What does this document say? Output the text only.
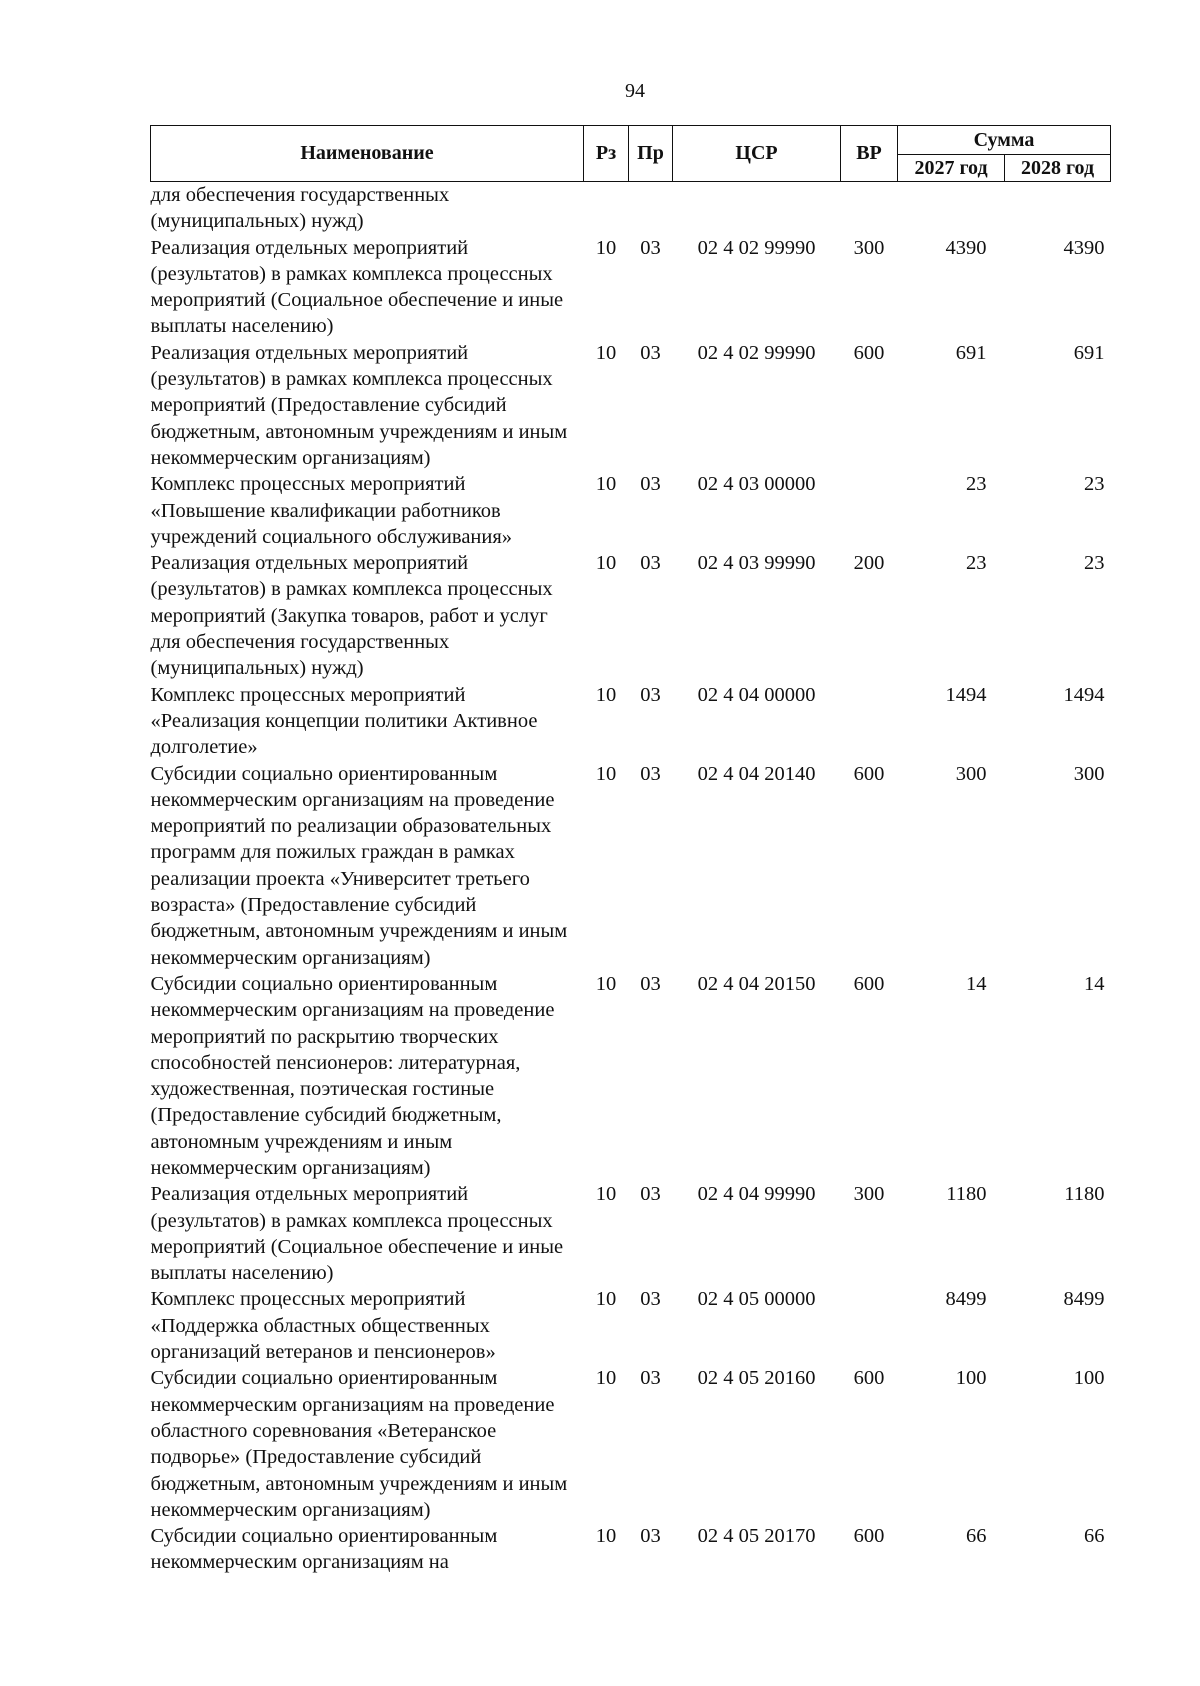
94
Наименование	Рз	Пр	ЦСР	ВР	Сумма	
					2027 год	2028 год
для обеспечения государственных (муниципальных) нужд)						
Реализация отдельных мероприятий (результатов) в рамках комплекса процессных мероприятий (Социальное обеспечение и иные выплаты населению)	10	03	02 4 02 99990	300	4390	4390
Реализация отдельных мероприятий (результатов) в рамках комплекса процессных мероприятий (Предоставление субсидий бюджетным, автономным учреждениям и иным некоммерческим организациям)	10	03	02 4 02 99990	600	691	691
Комплекс процессных мероприятий «Повышение квалификации работников учреждений социального обслуживания»	10	03	02 4 03 00000		23	23
Реализация отдельных мероприятий (результатов) в рамках комплекса процессных мероприятий (Закупка товаров, работ и услуг для обеспечения государственных (муниципальных) нужд)	10	03	02 4 03 99990	200	23	23
Комплекс процессных мероприятий «Реализация концепции политики Активное долголетие»	10	03	02 4 04 00000		1494	1494
Субсидии социально ориентированным некоммерческим организациям на проведение мероприятий по реализации образовательных программ для пожилых граждан в рамках реализации проекта «Университет третьего возраста» (Предоставление субсидий бюджетным, автономным учреждениям и иным некоммерческим организациям)	10	03	02 4 04 20140	600	300	300
Субсидии социально ориентированным некоммерческим организациям на проведение мероприятий по раскрытию творческих способностей пенсионеров: литературная, художественная, поэтическая гостиные (Предоставление субсидий бюджетным, автономным учреждениям и иным некоммерческим организациям)	10	03	02 4 04 20150	600	14	14
Реализация отдельных мероприятий (результатов) в рамках комплекса процессных мероприятий (Социальное обеспечение и иные выплаты населению)	10	03	02 4 04 99990	300	1180	1180
Комплекс процессных мероприятий «Поддержка областных общественных организаций ветеранов и пенсионеров»	10	03	02 4 05 00000		8499	8499
Субсидии социально ориентированным некоммерческим организациям на проведение областного соревнования «Ветеранское подворье» (Предоставление субсидий бюджетным, автономным учреждениям и иным некоммерческим организациям)	10	03	02 4 05 20160	600	100	100
Субсидии социально ориентированным некоммерческим организациям на	10	03	02 4 05 20170	600	66	66
